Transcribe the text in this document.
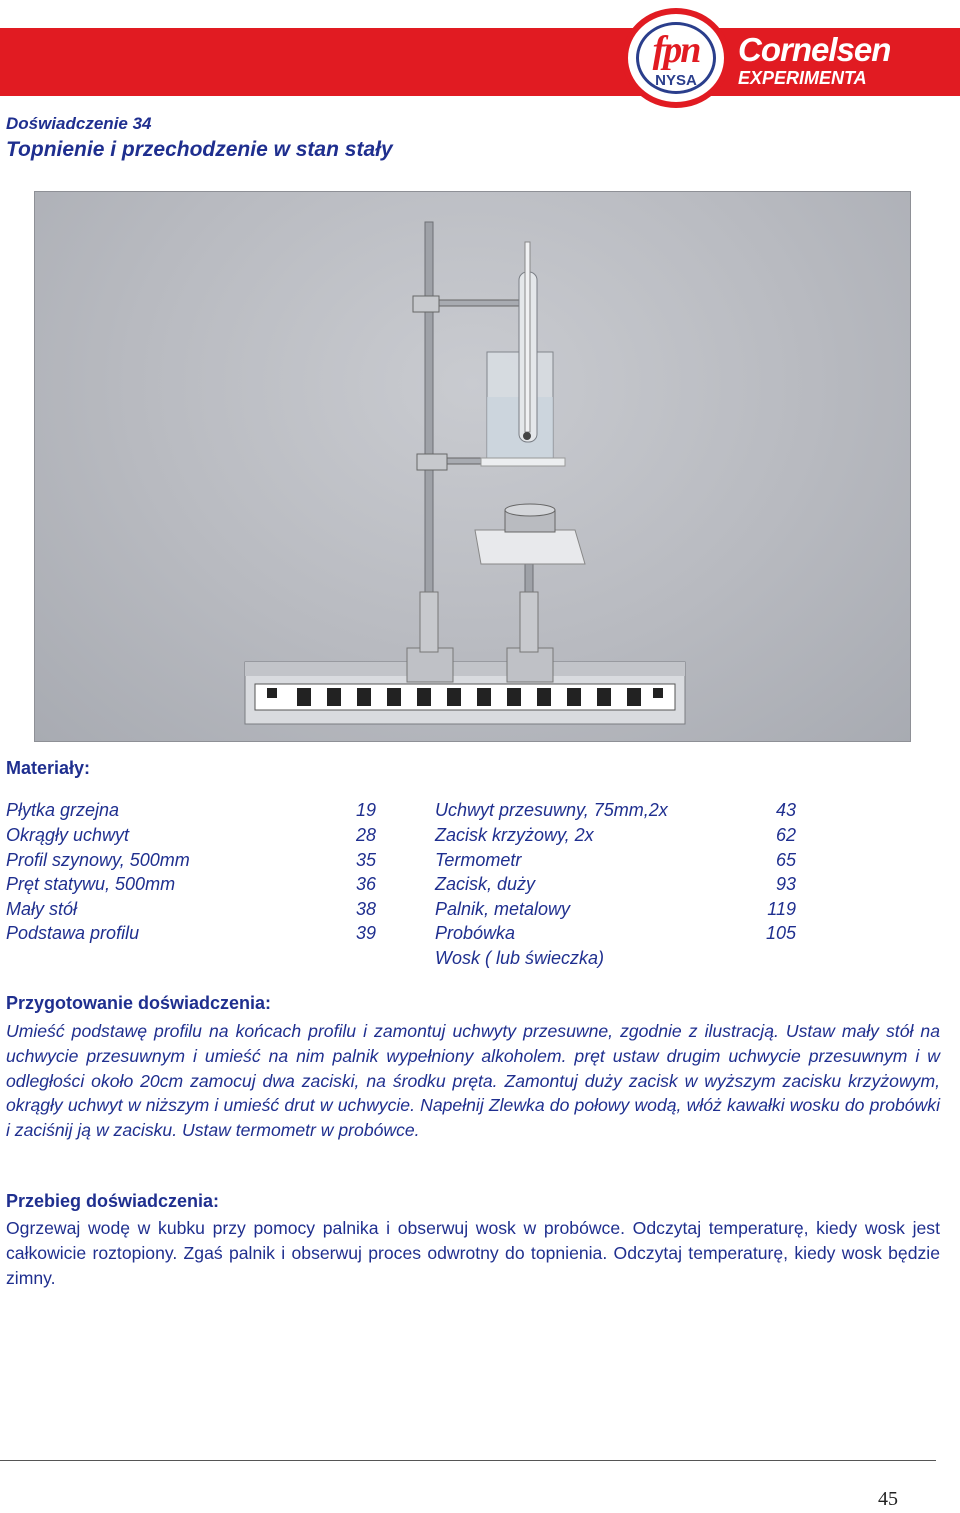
fpn
NYSA
Cornelsen
EXPERIMENTA
Doświadczenie 34
Topnienie i przechodzenie w stan stały
Materiały:
Płytka grzejna	19
Okrągły uchwyt	28
Profil szynowy, 500mm	35
Pręt statywu, 500mm	36
Mały stół	38
Podstawa profilu	39
Uchwyt przesuwny, 75mm,2x	43
Zacisk krzyżowy, 2x	62
Termometr	65
Zacisk, duży	93
Palnik, metalowy	119
Probówka	105
Wosk ( lub świeczka)
Przygotowanie doświadczenia:

Umieść podstawę profilu na końcach profilu i zamontuj uchwyty przesuwne, zgodnie z ilustracją. Ustaw mały stół na uchwycie przesuwnym i umieść na nim palnik wypełniony alkoholem. pręt ustaw drugim uchwycie przesuwnym i w odległości około 20cm zamocuj dwa zaciski, na środku pręta. Zamontuj duży zacisk w wyższym zacisku krzyżowym, okrągły uchwyt w niższym i umieść drut w uchwycie. Napełnij Zlewka do połowy wodą, włóż kawałki wosku do probówki i zaciśnij ją w zacisku. Ustaw termometr w probówce.

Przebieg doświadczenia:

Ogrzewaj wodę w kubku przy pomocy palnika i obserwuj wosk w probówce. Odczytaj temperaturę, kiedy wosk jest całkowicie roztopiony. Zgaś palnik i obserwuj proces odwrotny do topnienia. Odczytaj temperaturę, kiedy wosk będzie zimny.

45
